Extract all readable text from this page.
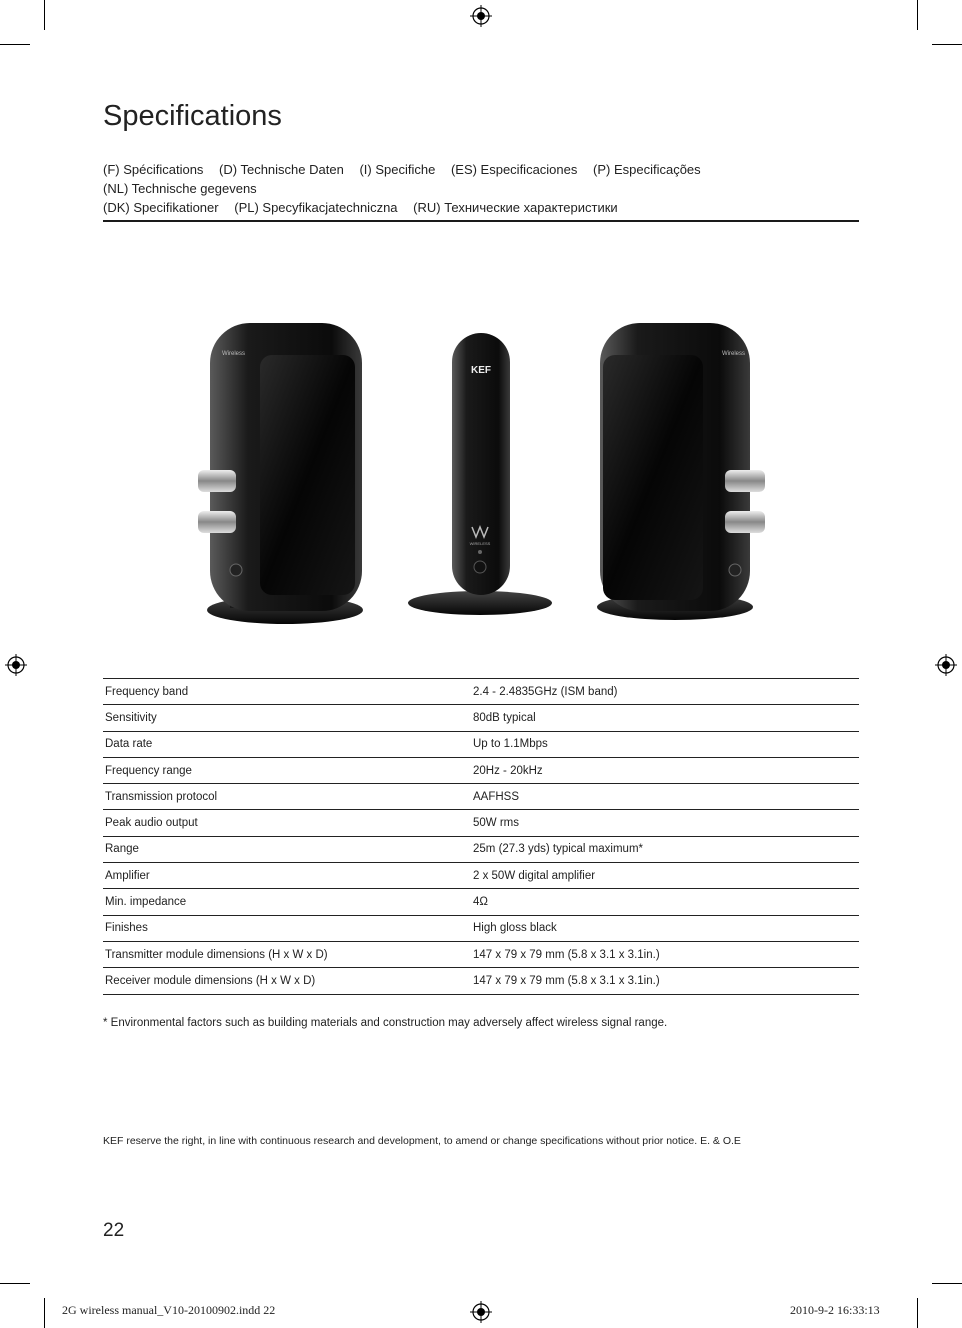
Specifications
(F) Spécifications (D) Technische Daten (I) Specifiche (ES) Especificaciones (P) Especificações (NL) Technische gegevens
(DK) Specifikationer (PL) Specyfikacjatechniczna (RU) Технические характеристики
Wireless
KEF
WIRELESS
Wireless
Frequency band	2.4 - 2.4835GHz (ISM band)
Sensitivity	80dB typical
Data rate	Up to 1.1Mbps
Frequency range	20Hz - 20kHz
Transmission protocol	AAFHSS
Peak audio output	50W rms
Range	25m (27.3 yds) typical maximum*
Amplifier	2 x 50W digital amplifier
Min. impedance	4Ω
Finishes	High gloss black
Transmitter module dimensions (H x W x D)	147 x 79 x 79 mm (5.8 x 3.1 x 3.1in.)
Receiver module dimensions (H x W x D)	147 x 79 x 79 mm (5.8 x 3.1 x 3.1in.)
* Environmental factors such as building materials and construction may adversely affect wireless signal range.
KEF reserve the right, in line with continuous research and development, to amend or change specifications without prior notice. E. & O.E
22
2G wireless manual_V10-20100902.indd 22	2010-9-2 16:33:13
